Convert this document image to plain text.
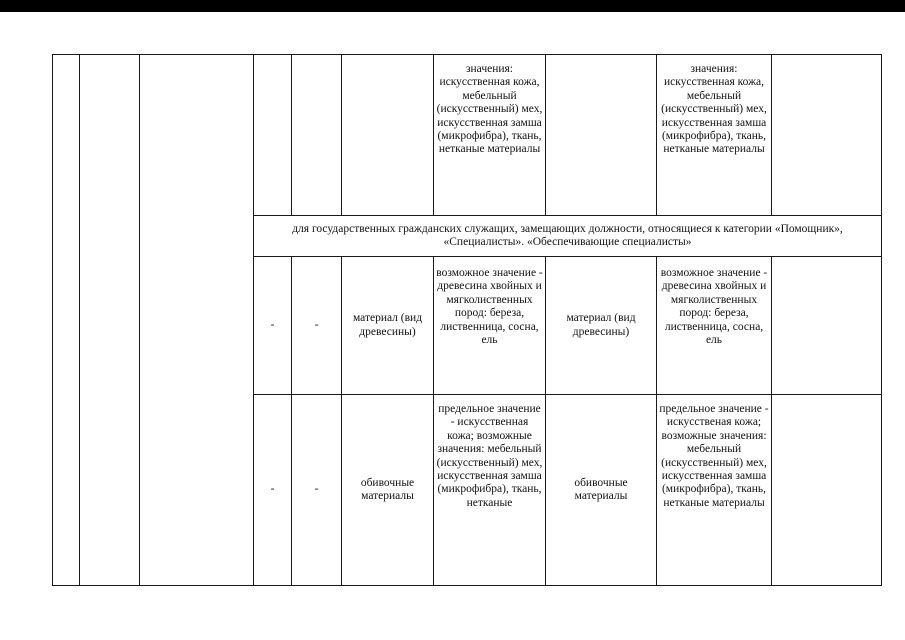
значения: искусственная кожа, мебельный (искусственный) мех, искусственная замша (микрофибра), ткань, нетканые материалы
значения: искусственная кожа, мебельный (искусственный) мех, искусственная замша (микрофибра), ткань, нетканые материалы
для государственных гражданских служащих, замещающих должности, относящиеся к категории «Помощник», «Специалисты». «Обеспечивающие специалисты»
-	-
материал (вид древесины)
возможное значение - древесина хвойных и мягколиственных пород: береза, лиственница, сосна, ель
материал (вид древесины)
возможное значение - древесина хвойных и мягколиственных пород: береза, лиственница, сосна, ель
-	-
обивочные материалы
предельное значение - искусственная кожа; возможные значения: мебельный (искусственный) мех, искусственная замша (микрофибра), ткань, нетканые
обивочные материалы
предельное значение - искусственая кожа; возможные значения: мебельный (искусственный) мех, искусственная замша (микрофибра), ткань, нетканые материалы
